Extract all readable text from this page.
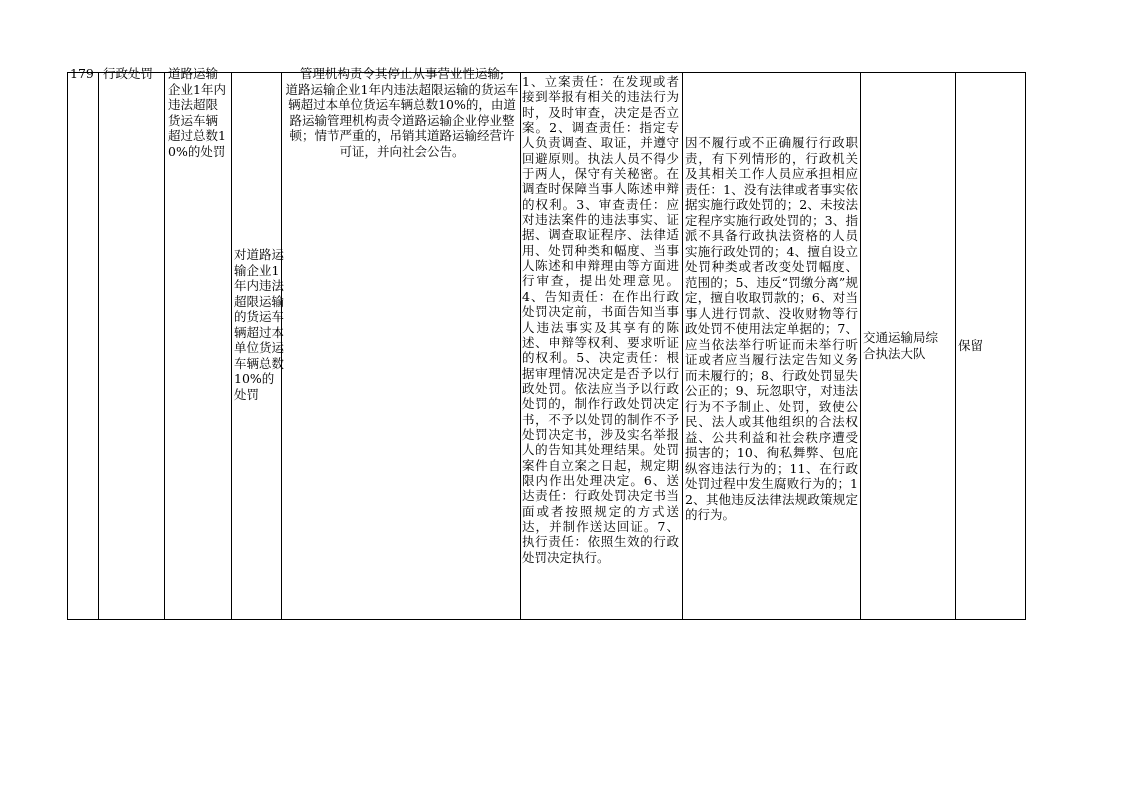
179 行政处罚	道路运输企业1年内违法超限货运车辆超过总数10%的处罚
对道路运输企业1年内违法超限运输的货运车辆超过本单位货运车辆总数10%的处罚
管理机构责令其停止从事营业性运输;
道路运输企业1年内违法超限运输的货运车辆超过本单位货运车辆总数10%的，由道路运输管理机构责令道路运输企业停业整顿；情节严重的，吊销其道路运输经营许可证，并向社会公告。
1、立案责任：在发现或者接到举报有相关的违法行为时，及时审查，决定是否立案。2、调查责任：指定专人负责调查、取证，并遵守回避原则。执法人员不得少于两人，保守有关秘密。在调查时保障当事人陈述申辩的权利。3、审查责任：应对违法案件的违法事实、证据、调查取证程序、法律适用、处罚种类和幅度、当事人陈述和申辩理由等方面进行审查，提出处理意见。4、告知责任：在作出行政处罚决定前，书面告知当事人违法事实及其享有的陈述、申辩等权利、要求听证的权利。5、决定责任：根据审理情况决定是否予以行政处罚。依法应当予以行政处罚的，制作行政处罚决定书，不予以处罚的制作不予处罚决定书，涉及实名举报人的告知其处理结果。处罚案件自立案之日起，规定期限内作出处理决定。6、送达责任：行政处罚决定书当面或者按照规定的方式送达，并制作送达回证。7、执行责任：依照生效的行政处罚决定执行。
因不履行或不正确履行行政职责，有下列情形的，行政机关及其相关工作人员应承担相应责任：1、没有法律或者事实依据实施行政处罚的；2、未按法定程序实施行政处罚的；3、指派不具备行政执法资格的人员实施行政处罚的；4、擅自设立处罚种类或者改变处罚幅度、范围的；5、违反“罚缴分离”规定，擅自收取罚款的；6、对当事人进行罚款、没收财物等行政处罚不使用法定单据的；7、应当依法举行听证而未举行听证或者应当履行法定告知义务而未履行的；8、行政处罚显失公正的；9、玩忽职守，对违法行为不予制止、处罚，致使公民、法人或其他组织的合法权益、公共利益和社会秩序遭受损害的；10、徇私舞弊、包庇纵容违法行为的；11、在行政处罚过程中发生腐败行为的；12、其他违反法律法规政策规定的行为。
交通运输局综合执法大队
保留
